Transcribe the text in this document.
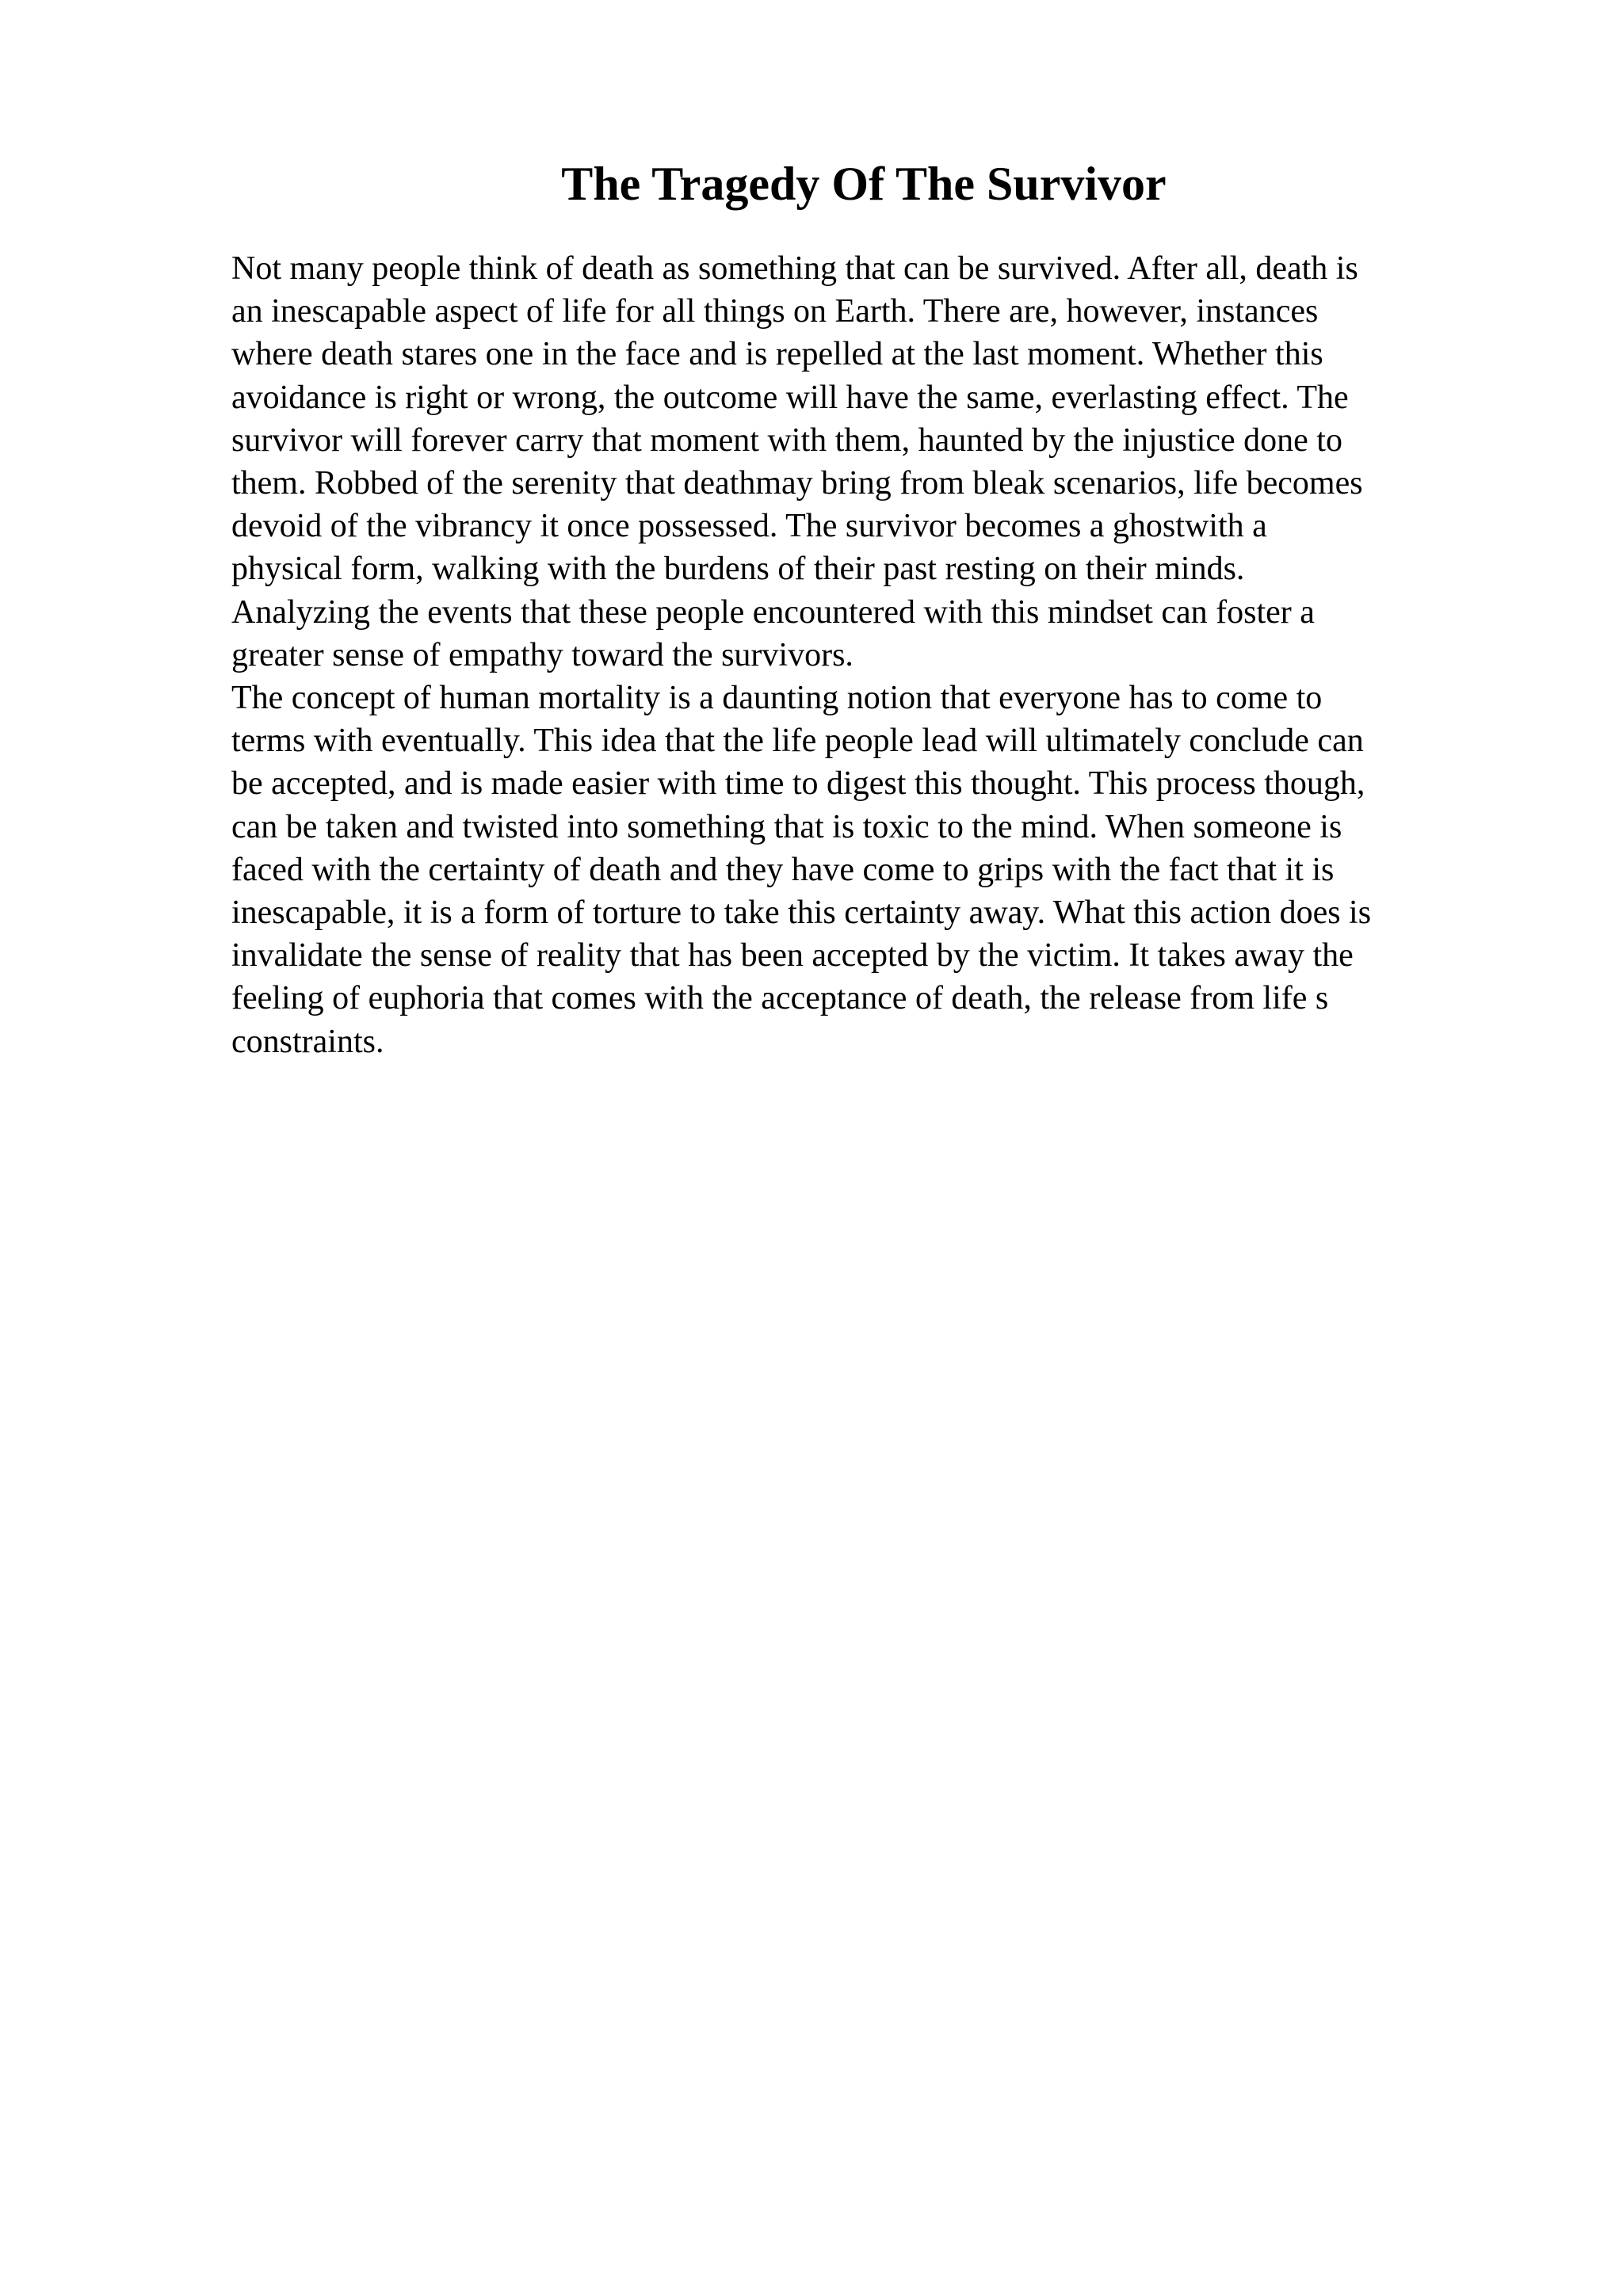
The Tragedy Of The Survivor
Not many people think of death as something that can be survived. After all, death is
an inescapable aspect of life for all things on Earth. There are, however, instances
where death stares one in the face and is repelled at the last moment. Whether this
avoidance is right or wrong, the outcome will have the same, everlasting effect. The
survivor will forever carry that moment with them, haunted by the injustice done to
them. Robbed of the serenity that deathmay bring from bleak scenarios, life becomes
devoid of the vibrancy it once possessed. The survivor becomes a ghostwith a
physical form, walking with the burdens of their past resting on their minds.
Analyzing the events that these people encountered with this mindset can foster a
greater sense of empathy toward the survivors.
The concept of human mortality is a daunting notion that everyone has to come to
terms with eventually. This idea that the life people lead will ultimately conclude can
be accepted, and is made easier with time to digest this thought. This process though,
can be taken and twisted into something that is toxic to the mind. When someone is
faced with the certainty of death and they have come to grips with the fact that it is
inescapable, it is a form of torture to take this certainty away. What this action does is
invalidate the sense of reality that has been accepted by the victim. It takes away the
feeling of euphoria that comes with the acceptance of death, the release from life s
constraints.
